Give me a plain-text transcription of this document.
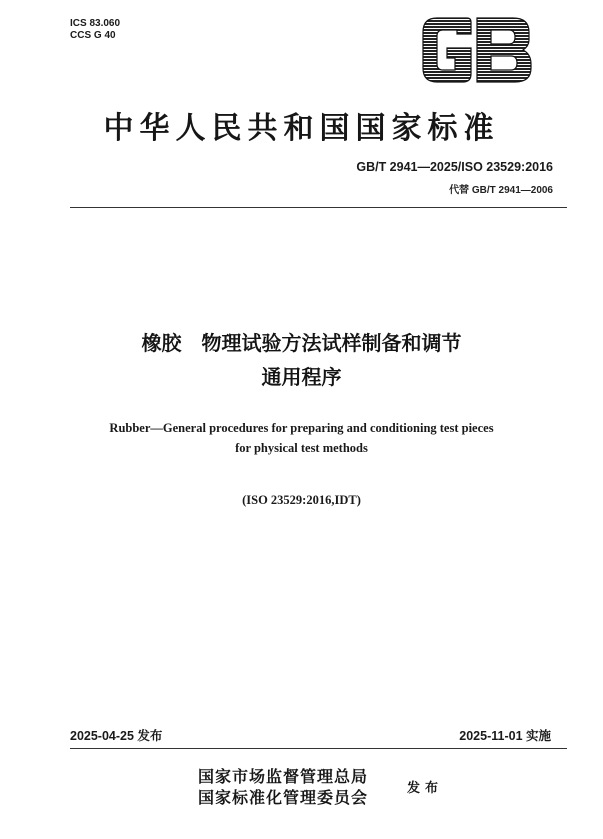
ICS 83.060
CCS G 40
中华人民共和国国家标准
GB/T 2941—2025/ISO 23529:2016
代替 GB/T 2941—2006
橡胶　物理试验方法试样制备和调节
通用程序
Rubber—General procedures for preparing and conditioning test pieces
for physical test methods
(ISO 23529:2016,IDT)
2025-04-25 发布	2025-11-01 实施
国家市场监督管理总局
国家标准化管理委员会	发布
